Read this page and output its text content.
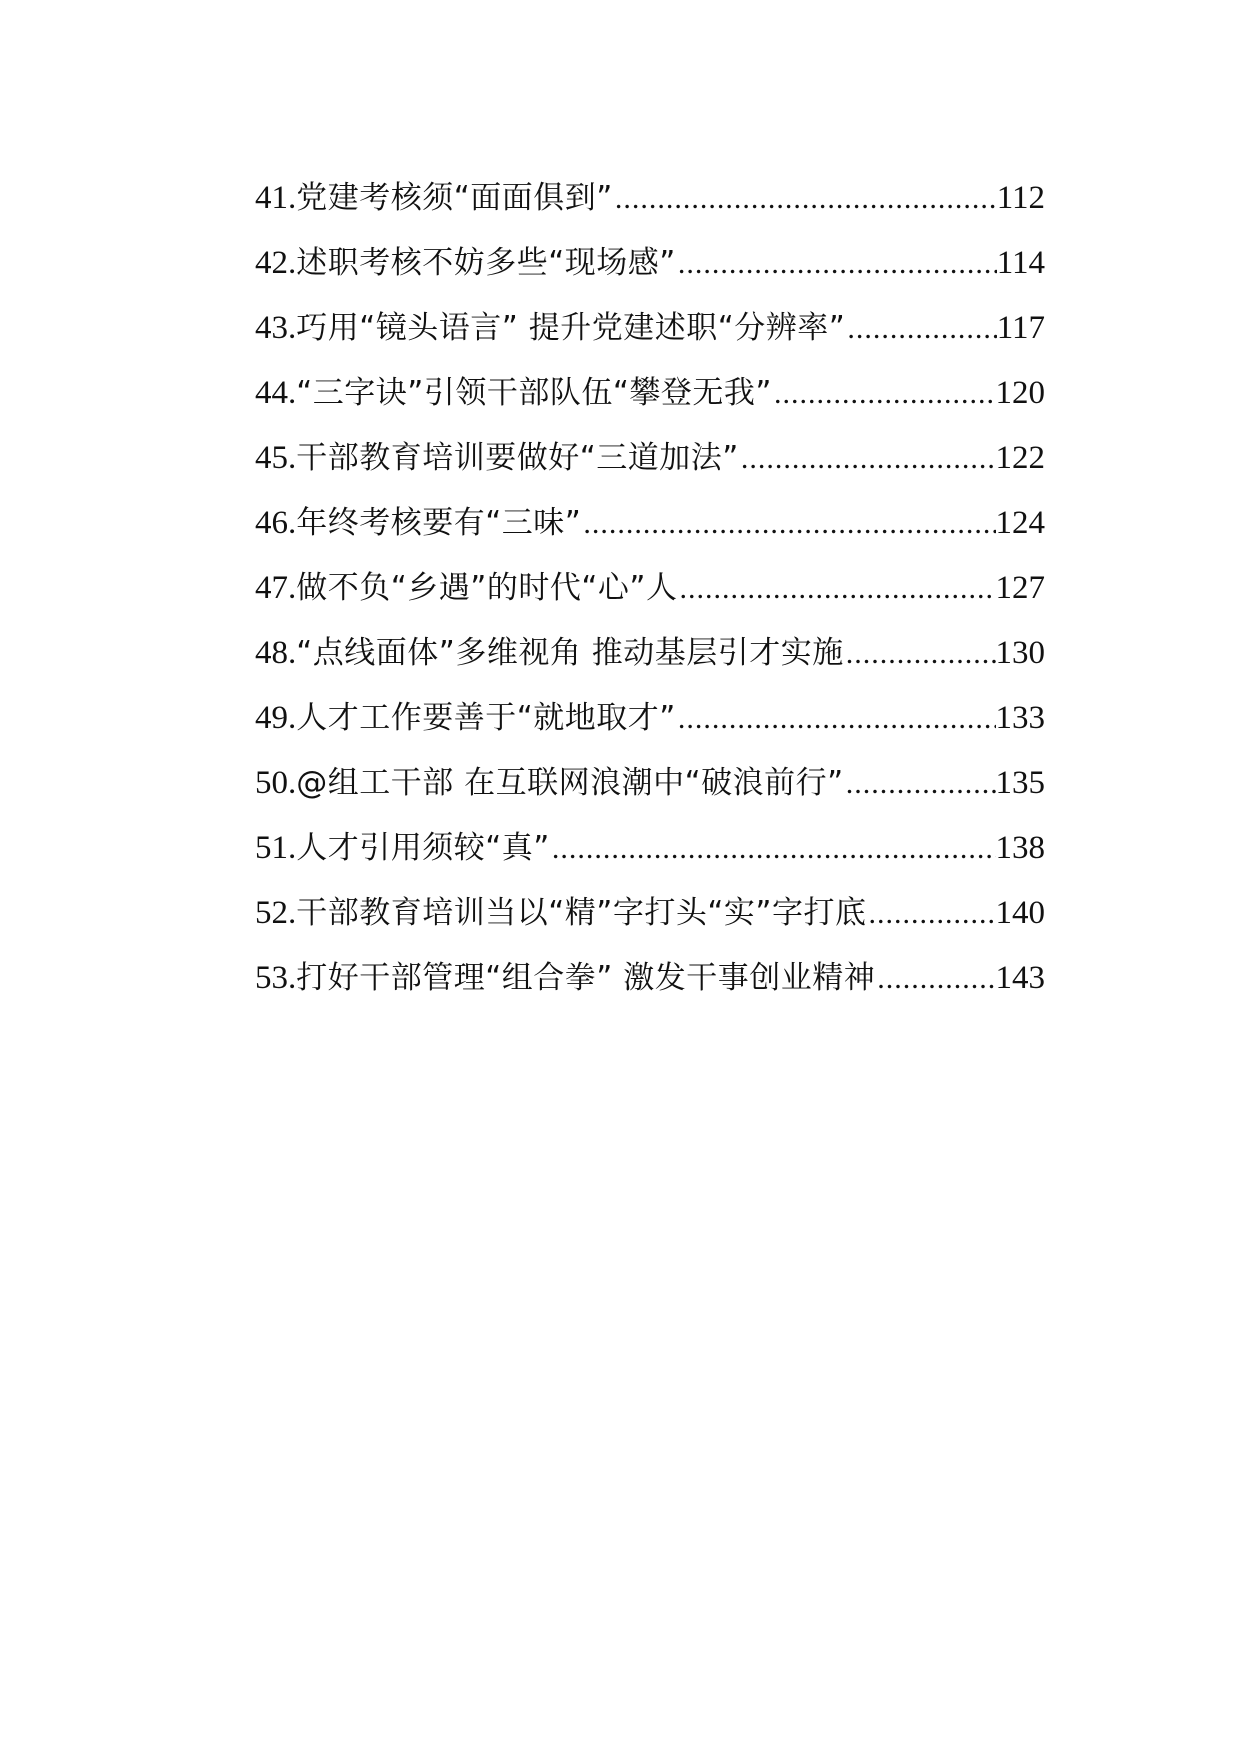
41. 党建考核须“面面俱到” .....	112
42. 述职考核不妨多些“现场感” .....	114
43. 巧用“镜头语言” 提升党建述职“分辨率” .....	117
44. “三字诀”引领干部队伍“攀登无我” .....	120
45. 干部教育培训要做好“三道加法” .....	122
46. 年终考核要有“三味” .....	124
47. 做不负“乡遇”的时代“心”人 .....	127
48. “点线面体”多维视角 推动基层引才实施 .....	130
49. 人才工作要善于“就地取才” .....	133
50. @组工干部 在互联网浪潮中“破浪前行” .....	135
51. 人才引用须较“真” .....	138
52. 干部教育培训当以“精”字打头“实”字打底 .....	140
53. 打好干部管理“组合拳” 激发干事创业精神 .....	143
